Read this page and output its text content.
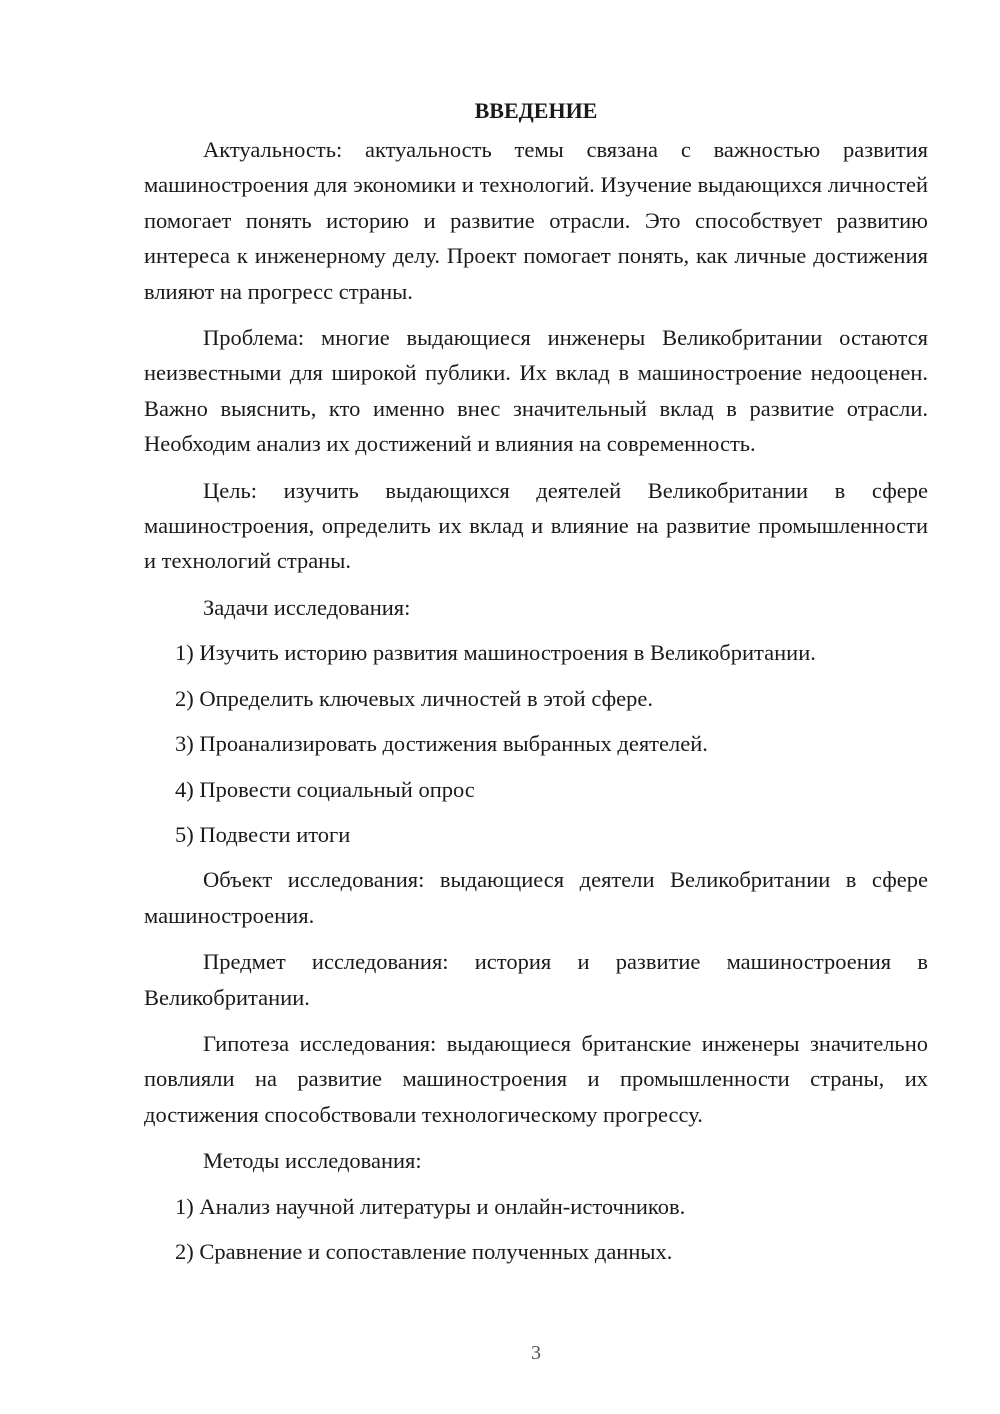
ВВЕДЕНИЕ

Актуальность: актуальность темы связана с важностью развития машиностроения для экономики и технологий. Изучение выдающихся личностей помогает понять историю и развитие отрасли. Это способствует развитию интереса к инженерному делу. Проект помогает понять, как личные достижения влияют на прогресс страны.

Проблема: многие выдающиеся инженеры Великобритании остаются неизвестными для широкой публики. Их вклад в машиностроение недооценен. Важно выяснить, кто именно внес значительный вклад в развитие отрасли. Необходим анализ их достижений и влияния на современность.

Цель: изучить выдающихся деятелей Великобритании в сфере машиностроения, определить их вклад и влияние на развитие промышленности и технологий страны.

Задачи исследования:

1) Изучить историю развития машиностроения в Великобритании.

2) Определить ключевых личностей в этой сфере.

3) Проанализировать достижения выбранных деятелей.

4) Провести социальный опрос

5) Подвести итоги

Объект исследования: выдающиеся деятели Великобритании в сфере машиностроения.

Предмет исследования: история и развитие машиностроения в Великобритании.

Гипотеза исследования: выдающиеся британские инженеры значительно повлияли на развитие машиностроения и промышленности страны, их достижения способствовали технологическому прогрессу.

Методы исследования:

1) Анализ научной литературы и онлайн-источников.

2) Сравнение и сопоставление полученных данных.

3
